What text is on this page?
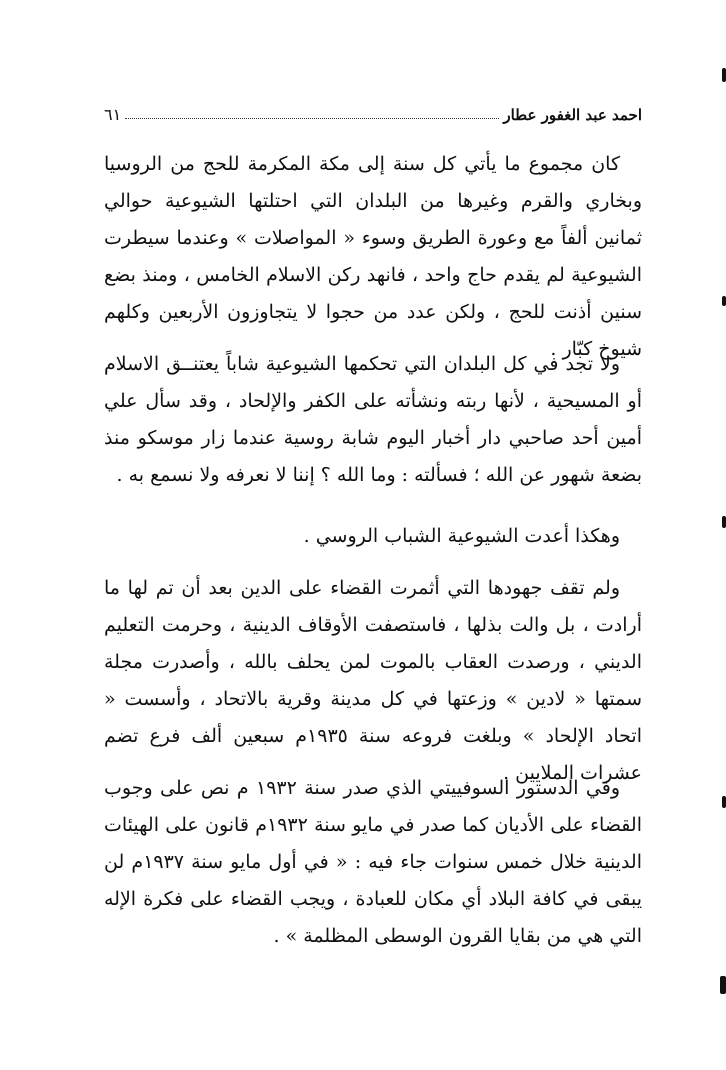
احمد عبد الغفور عطار
٦١

كان مجموع ما يأتي كل سنة إلى مكة المكرمة للحج من الروسيا وبخاري والقرم وغيرها من البلدان التي احتلتها الشيوعية حوالي ثمانين ألفاً مع وعورة الطريق وسوء « المواصلات » وعندما سيطرت الشيوعية لم يقدم حاج واحد ، فانهد ركن الاسلام الخامس ، ومنذ بضع سنين أذنت للحج ، ولكن عدد من حجوا لا يتجاوزون الأربعين وكلهم شيوخ كبّار .

ولا تجد في كل البلدان التي تحكمها الشيوعية شاباً يعتنــق الاسلام أو المسيحية ، لأنها ربته ونشأته على الكفر والإلحاد ، وقد سأل علي أمين أحد صاحبي دار أخبار اليوم شابة روسية عندما زار موسكو منذ بضعة شهور عن الله ؛ فسألته : وما الله ؟ إننا لا نعرفه ولا نسمع به .

وهكذا أعدت الشيوعية الشباب الروسي .

ولم تقف جهودها التي أثمرت القضاء على الدين بعد أن تم لها ما أرادت ، بل والت بذلها ، فاستصفت الأوقاف الدينية ، وحرمت التعليم الديني ، ورصدت العقاب بالموت لمن يحلف بالله ، وأصدرت مجلة سمتها « لادين » وزعتها في كل مدينة وقرية بالاتحاد ، وأسست « اتحاد الإلحاد » وبلغت فروعه سنة ١٩٣٥م سبعين ألف فرع تضم عشرات الملايين .

وفي الدستور السوفييتي الذي صدر سنة ١٩٣٢ م نص على وجوب القضاء على الأديان كما صدر في مايو سنة ١٩٣٢م قانون على الهيئات الدينية خلال خمس سنوات جاء فيه : « في أول مايو سنة ١٩٣٧م لن يبقى في كافة البلاد أي مكان للعبادة ، ويجب القضاء على فكرة الإله التي هي من بقايا القرون الوسطى المظلمة » .
